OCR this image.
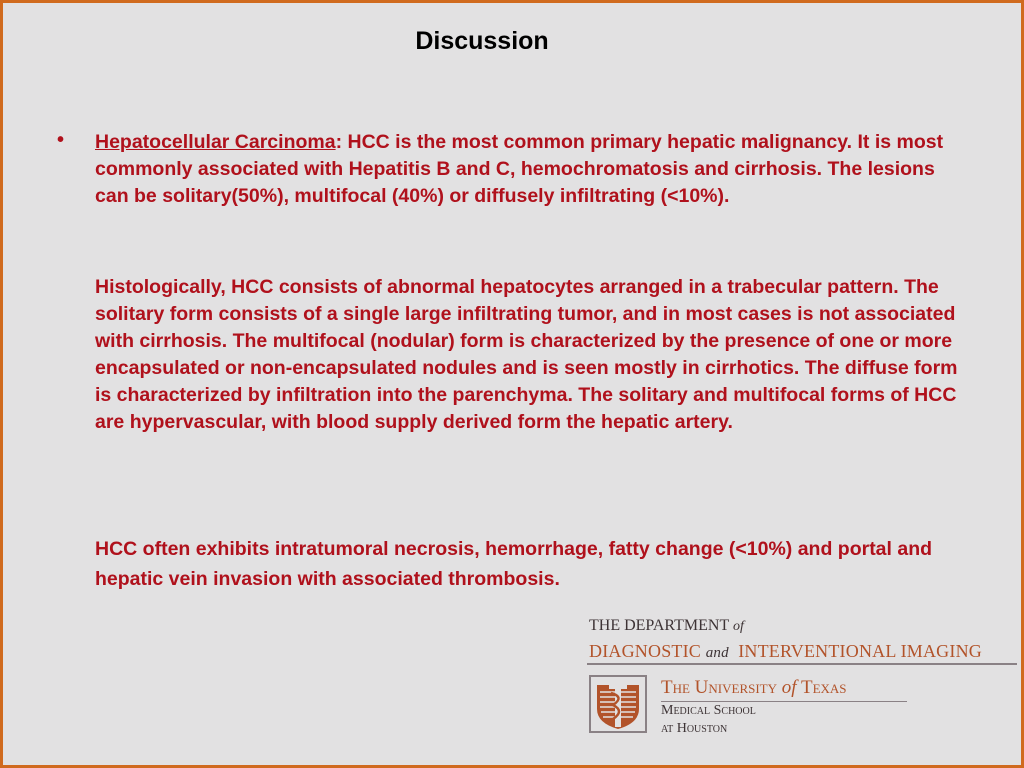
Discussion
• Hepatocellular Carcinoma: HCC is the most common primary hepatic malignancy. It is most commonly associated with Hepatitis B and C, hemochromatosis and cirrhosis. The lesions can be solitary(50%), multifocal (40%) or diffusely infiltrating (<10%).
Histologically, HCC consists of abnormal hepatocytes arranged in a trabecular pattern. The solitary form consists of a single large infiltrating tumor, and in most cases is not associated with cirrhosis. The multifocal (nodular) form is characterized by the presence of one or more encapsulated or non-encapsulated nodules and is seen mostly in cirrhotics. The diffuse form is characterized by infiltration into the parenchyma. The solitary and multifocal forms of HCC are hypervascular, with blood supply derived form the hepatic artery.
HCC often exhibits intratumoral necrosis, hemorrhage, fatty change (<10%) and portal and hepatic vein invasion with associated thrombosis.
THE DEPARTMENT of
DIAGNOSTIC and INTERVENTIONAL IMAGING
The University of Texas
Medical School
at Houston
